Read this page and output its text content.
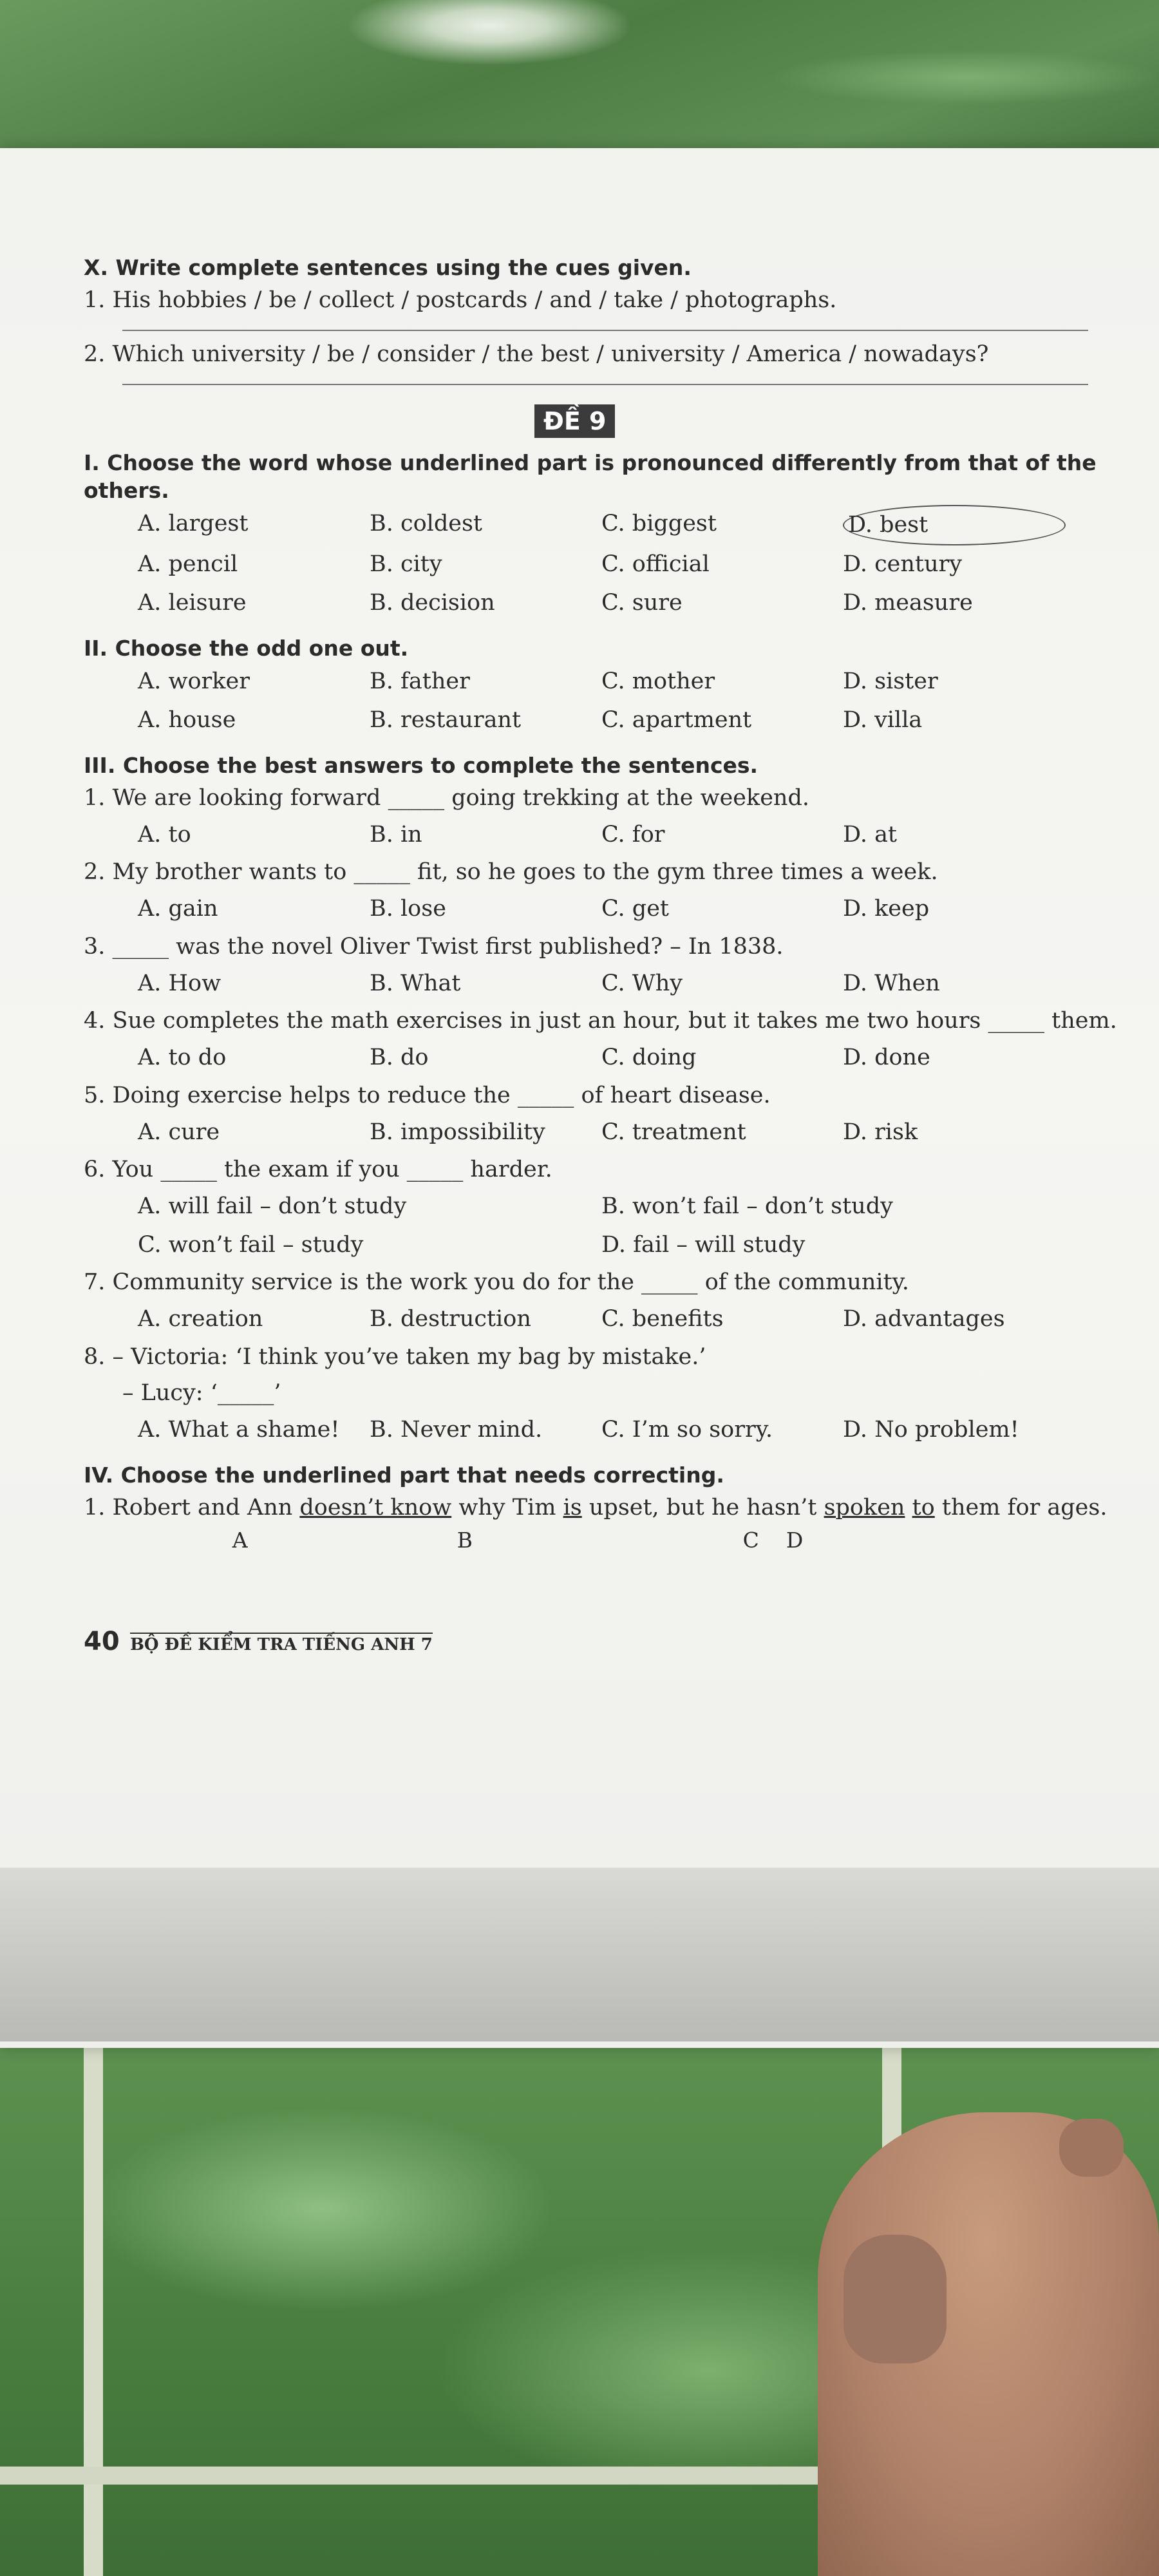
X. Write complete sentences using the cues given.

1. His hobbies / be / collect / postcards / and / take / photographs.
2. Which university / be / consider / the best / university / America / nowadays?
ĐỀ 9

I. Choose the word whose underlined part is pronounced differently from that of the others.

A. largest	B. coldest	C. biggest	D. best
A. pencil	B. city	C. official	D. century
A. leisure	B. decision	C. sure	D. measure

II. Choose the odd one out.

A. worker	B. father	C. mother	D. sister
A. house	B. restaurant	C. apartment	D. villa

III. Choose the best answers to complete the sentences.

1. We are looking forward _____ going trekking at the weekend.
A. to	B. in	C. for	D. at
2. My brother wants to _____ fit, so he goes to the gym three times a week.
A. gain	B. lose	C. get	D. keep
3. _____ was the novel Oliver Twist first published? – In 1838.
A. How	B. What	C. Why	D. When
4. Sue completes the math exercises in just an hour, but it takes me two hours _____ them.
A. to do	B. do	C. doing	D. done
5. Doing exercise helps to reduce the _____ of heart disease.
A. cure	B. impossibility	C. treatment	D. risk
6. You _____ the exam if you _____ harder.
A. will fail – don’t study	B. won’t fail – don’t study
C. won’t fail – study	D. fail – will study
7. Community service is the work you do for the _____ of the community.
A. creation	B. destruction	C. benefits	D. advantages
8. – Victoria: ‘I think you’ve taken my bag by mistake.’
– Lucy: ‘_____’
A. What a shame!	B. Never mind.	C. I’m so sorry.	D. No problem!

IV. Choose the underlined part that needs correcting.

1. Robert and Ann doesn’t know why Tim is upset, but he hasn’t spoken to them for ages.
A                               B                                        C    D
40 BỘ ĐỀ KIỂM TRA TIẾNG ANH 7
